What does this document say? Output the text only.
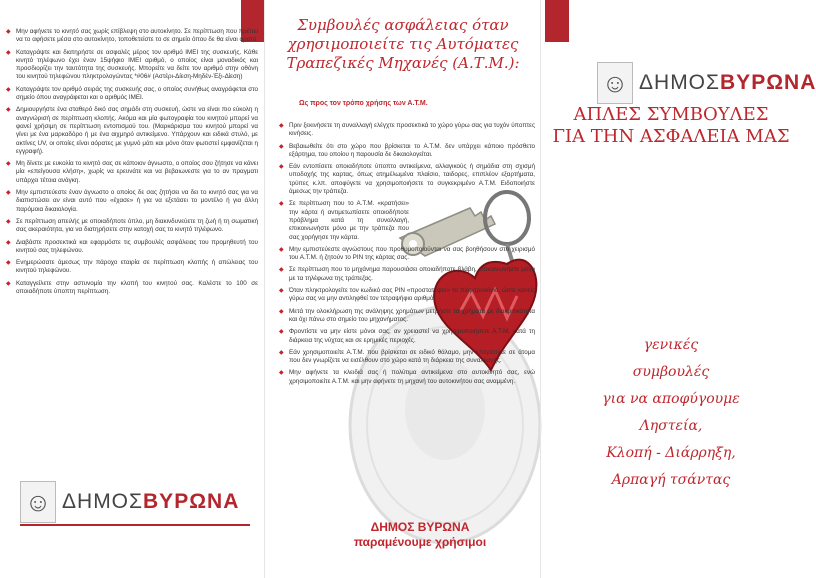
◆ Μην αφήνετε το κινητό σας χωρίς επίβλεψη στο αυτοκίνητο. Σε περίπτωση που πρέπει να το αφήσετε μέσα στο αυτοκίνητο, τοποθετείστε το σε σημείο όπου δε θα είναι ορατό.
◆ Καταγράψτε και διατηρήστε σε ασφαλές μέρος τον αριθμό IMEI της συσκευής. Κάθε κινητό τηλέφωνο έχει έναν 15ψήφιο IMEI αριθμό, ο οποίος είναι μοναδικός και προσδιορίζει την ταυτότητα της συσκευής. Μπορείτε να δείτε τον αριθμό στην οθόνη του κινητού τηλεφώνου πληκτρολογώντας *#06# (Αστέρι-Δίεση-Μηδέν-Έξι-Δίεση)
◆ Καταγράψτε τον αριθμό σειράς της συσκευής σας, ο οποίος συνήθως αναγράφεται στο σημείο όπου αναγράφεται και ο αριθμός IMEI.
◆ Δημιουργήστε ένα σταθερό δικό σας σημάδι στη συσκευή, ώστε να είναι πιο εύκολη η αναγνώρισή σε περίπτωση κλοπής. Ακόμα και μία φωτογραφία του κινητού μπορεί να φανεί χρήσιμη σε περίπτωση εντοπισμού του. (Μαρκάρισμα του κινητού μπορεί να γίνει με ένα μαρκαδόρο ή με ένα αιχμηρό αντικείμενο. Υπάρχουν και ειδικά στυλό, με ακτίνες UV, οι οποίες είναι αόρατες με γυμνό μάτι και μόνο όταν φωτιστεί εμφανίζεται η εγγραφή).
◆ Μη δίνετε με ευκολία το κινητό σας σε κάποιον άγνωστο, ο οποίος σου ζήτησε να κάνει μία «επείγουσα κλήση», χωρίς να ερευνάτε και να βεβαιωνεστε για το αν πραγματι υπάρχει τέτοια ανάγκη.
◆ Μην εμπιστεύεστε έναν άγνωστο ο οποίος δε σας ζητήσει να δει το κινητό σας για να διαπιστώσει αν είναι αυτό που «έχασε» ή για να εξετάσει το μοντέλο ή για άλλη παρόμοια δικαιολογία.
◆ Σε περίπτωση απειλής με οποιαδήποτε όπλο, μη διακινδυνεύετε τη ζωή ή τη σωματική σας ακεραιότητα, για να διατηρήσετε στην κατοχή σας το κινητό τηλέφωνο.
◆ Διαβάστε προσεκτικά και εφαρμόστε τις συμβουλές ασφάλειας του προμηθευτή του κινητού σας τηλεφώνου.
◆ Ενημερώσατε άμεσως την πάροχο εταιρία σε περίπτωση κλοπής ή απώλειας του κινητού τηλεφώνου.
◆ Καταγγείλετε στην αστυνομία την κλοπή του κινητού σας. Καλέστε το 100 σε οποιαδήποτε ύποπτη περίπτωση.
☺ ΔΗΜΟΣΒΥΡΩΝΑ
Συμβουλές ασφάλειας όταν χρησιμοποιείτε τις Αυτόματες Τραπεζικές Μηχανές (Α.Τ.Μ.):
Ως προς τον τρόπο χρήσης των Α.Τ.Μ.
◆ Πριν ξεκινήσετε τη συναλλαγή ελέγχτε προσεκτικά το χώρο γύρω σας για τυχόν ύποπτες κινήσεις.
◆ Βεβαιωθείτε ότι στο χώρο που βρίσκεται το Α.Τ.Μ. δεν υπάρχει κάποιο πρόσθετο εξάρτημα, του οποίου η παρουσία δε δικαιολογείται.
◆ Εάν εντοπίσετε οποιαδήποτε ύποπτο αντικείμενα, αλλαγικούς ή σημάδια στη σχισμή υποδοχής της καρτας, όπως ατημέλωμένα πλαίσιο, ταιδορες, επιπλέον εξαρτήματα, τρύπες κ.λπ. αποφύγετε να χρησιμοποιήσετε το συγκεκριμένο Α.Τ.Μ. Ειδοποιήστε άμεσως την τράπεζα.
◆ Σε περίπτωση που το Α.Τ.Μ. «κρατήσει» την κάρτα ή αντιμετωπίσετε οποιοδήποτε πρόβλημα κατά τη συναλλαγή, επικοινωνήστε μόνο με την τράπεζα που σας χορήγησε την κάρτα.
◆ Μην εμπιστεύεστε αγνώστους που προθυμοποιούνται να σας βοηθήσουν στο χειρισμό του Α.Τ.Μ. ή ζητούν το PIN της κάρτας σας.
◆ Σε περίπτωση που το μηχάνημα παρουσιάσει οποιαδήποτε βλάβη, επικοινωνήστε μόνο με τα τηλέφωνα της τράπεζας.
◆ Όταν πληκτρολογείτε τον κωδικό σας PIN «προστατέψτε» το πληκτρολόγιο, ώστε κανείς γύρω σας να μην αντιληφθεί τον τετραψήφιο αριθμό.
◆ Μετά την ολοκλήρωση της ανάληψης χρημάτων μετρήστε τα χρήματα με διακριτικότητα και όχι πάνω στο σημείο του μηχανήματος.
◆ Φροντίστε να μην είστε μόνοι σας, αν χρειαστεί να χρησιμοποιήσετε Α.Τ.Μ. κατά τη διάρκεια της νύχτας και σε ερημικές περιοχές.
◆ Εάν χρησιμοποιείτε Α.Τ.Μ. που βρίσκεται σε ειδικό θάλαμο, μην επιτρέπετε σε άτομα που δεν γνωρίζετε να εισέλθουν στο χώρο κατά τη διάρκεια της συναλλαγής.
◆ Μην αφήνετε τα κλειδιά σας ή πολύτιμα αντικείμενα στο αυτοκίνητό σας, ενώ χρησιμοποιείτε Α.Τ.Μ. και μην αφήνετε τη μηχανή του αυτοκινήτου σας αναμμένη.
ΔΗΜΟΣ ΒΥΡΩΝΑ
παραμένουμε χρήσιμοι
☺ ΔΗΜΟΣΒΥΡΩΝΑ
ΑΠΛΕΣ ΣΥΜΒΟΥΛΕΣ
ΓΙΑ ΤΗΝ ΑΣΦΑΛΕΙΑ ΜΑΣ
γενικές
συμβουλές
για να αποφύγουμε
Ληστεία,
Κλοπή - Διάρρηξη,
Αρπαγή τσάντας
